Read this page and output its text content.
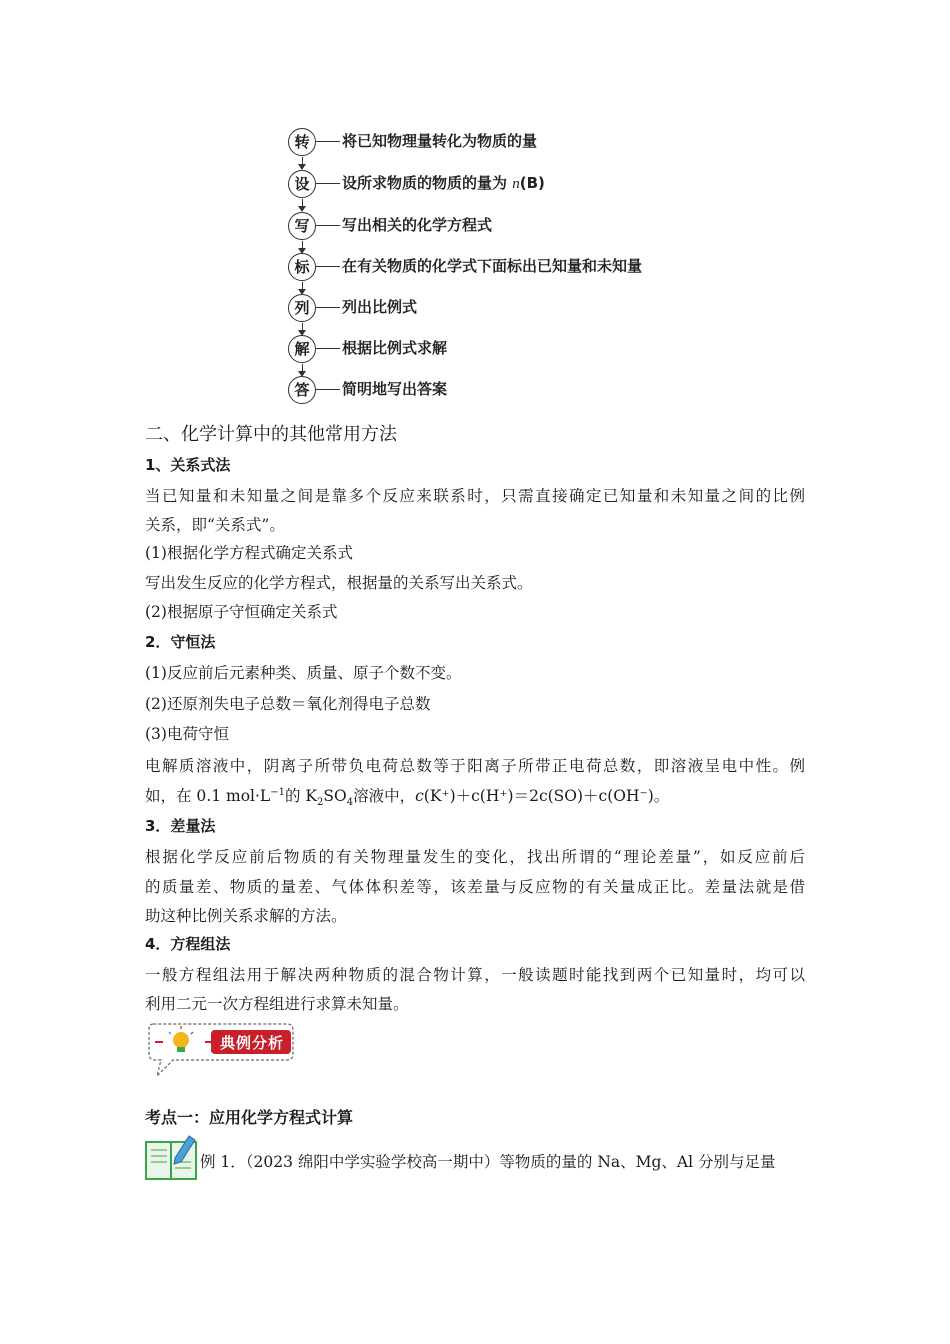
转	将已知物理量转化为物质的量
设	设所求物质的物质的量为 n(B)
写	写出相关的化学方程式
标	在有关物质的化学式下面标出已知量和未知量
列	列出比例式
解	根据比例式求解
答	简明地写出答案
二、化学计算中的其他常用方法
1、关系式法
当已知量和未知量之间是靠多个反应来联系时，只需直接确定已知量和未知量之间的比例
关系，即“关系式”。
(1)根据化学方程式确定关系式
写出发生反应的化学方程式，根据量的关系写出关系式。
(2)根据原子守恒确定关系式
2．守恒法
(1)反应前后元素种类、质量、原子个数不变。
(2)还原剂失电子总数＝氧化剂得电子总数
(3)电荷守恒
电解质溶液中，阴离子所带负电荷总数等于阳离子所带正电荷总数，即溶液呈电中性。例
如，在 0.1 $mol\cdot L^{-1}$的 $K_2SO_4$溶液中，c(K⁺)＋c(H⁺)＝2c(SO)＋c(OH⁻)。
3．差量法
根据化学反应前后物质的有关物理量发生的变化，找出所谓的“理论差量”，如反应前后
的质量差、物质的量差、气体体积差等，该差量与反应物的有关量成正比。差量法就是借
助这种比例关系求解的方法。
4．方程组法
一般方程组法用于解决两种物质的混合物计算，一般读题时能找到两个已知量时，均可以
利用二元一次方程组进行求算未知量。
典例分析
考点一：应用化学方程式计算
例 1．（2023 绵阳中学实验学校高一期中）等物质的量的 Na、Mg、Al 分别与足量
